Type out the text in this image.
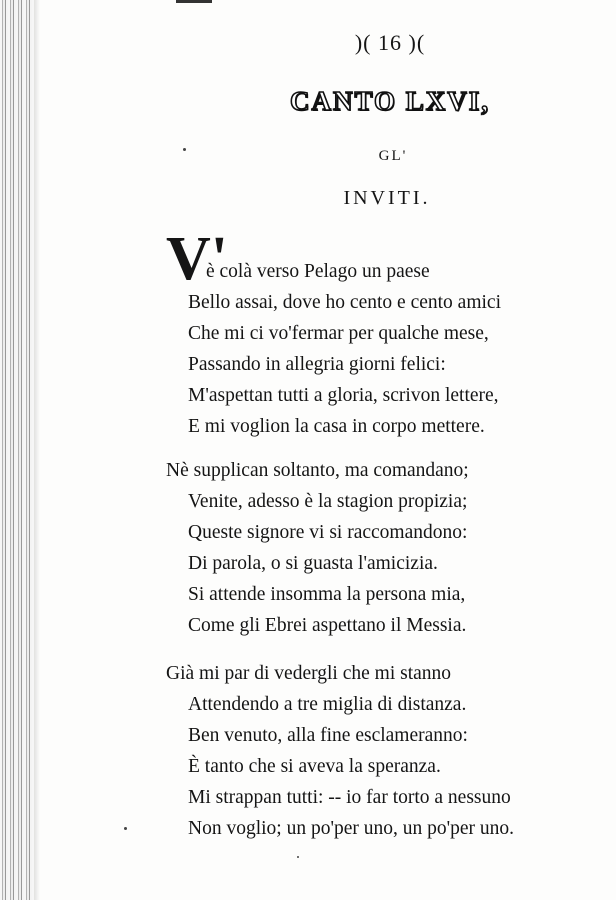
)( 16 )(
CANTO LXVI,
GL'
INVITI.
V'
è colà verso Pelago un paese
Bello assai, dove ho cento e cento amici
Che mi ci vo'fermar per qualche mese,
Passando in allegria giorni felici:
M'aspettan tutti a gloria, scrivon lettere,
E mi voglion la casa in corpo mettere.
Nè supplican soltanto, ma comandano;
Venite, adesso è la stagion propizia;
Queste signore vi si raccomandono:
Di parola, o si guasta l'amicizia.
Si attende insomma la persona mia,
Come gli Ebrei aspettano il Messia.
Già mi par di vedergli che mi stanno
Attendendo a tre miglia di distanza.
Ben venuto, alla fine esclameranno:
È tanto che si aveva la speranza.
Mi strappan tutti: -- io far torto a nessuno
Non voglio; un po'per uno, un po'per uno.
